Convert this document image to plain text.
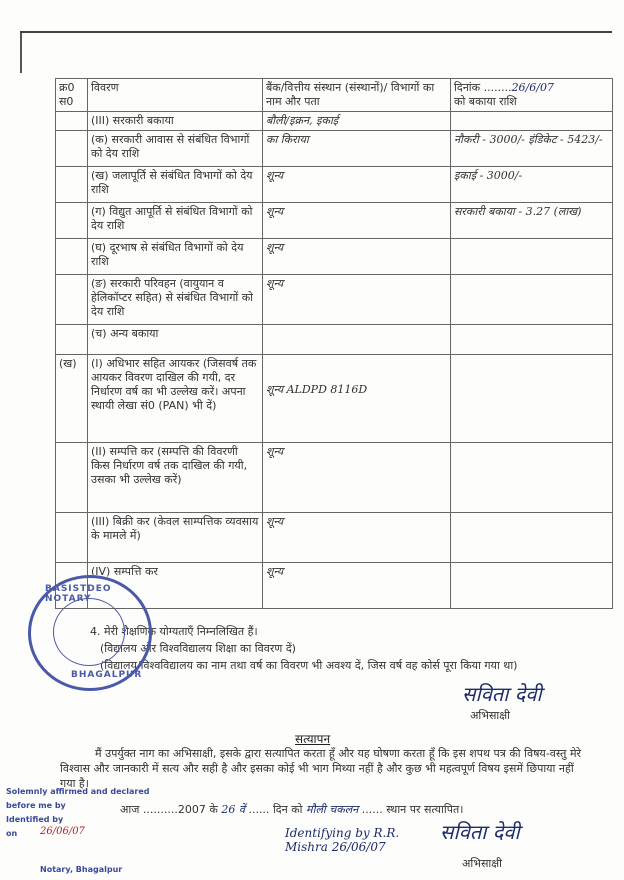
क्र0 स0	विवरण	बैंक/वित्तीय संस्थान (संस्थानों)/ विभागों का नाम और पता	दिनांक ........26/6/07
को बकाया राशि
	(III) सरकारी बकाया	बौली/इक्रन, इकाई	
	(क) सरकारी आवास से संबंधित विभागों को देय राशि	का किराया	नौकरी - 3000/- इंडिकेट - 5423/-
	(ख) जलापूर्ति से संबंधित विभागों को देय राशि	शून्य	इकाई - 3000/-
	(ग) विद्युत आपूर्ति से संबंधित विभागों को देय राशि	शून्य	सरकारी बकाया - 3.27 (लाख)
	(घ) दूरभाष से संबंधित विभागों को देय राशि	शून्य	
	(ङ) सरकारी परिवहन (वायुयान व हेलिकॉप्टर सहित) से संबंधित विभागों को देय राशि	शून्य	
	(च) अन्य बकाया		
(ख)	(I) अधिभार सहित आयकर (जिसवर्ष तक आयकर विवरण दाखिल की गयी, दर निर्धारण वर्ष का भी उल्लेख करें। अपना स्थायी लेखा सं0 (PAN) भी दें)	शून्य ALDPD 8116D	
	(II) सम्पत्ति कर (सम्पत्ति की विवरणी किस निर्धारण वर्ष तक दाखिल की गयी, उसका भी उल्लेख करें)	शून्य	
	(III) बिक्री कर (केवल साम्पत्तिक व्यवसाय के मामले में)	शून्य	
	(IV) सम्पत्ति कर	शून्य	
4. मेरी शैक्षणिक योग्यताएँ निम्नलिखित हैं।
(विद्यालय और विश्वविद्यालय शिक्षा का विवरण दें)
(विद्यालय/विश्वविद्यालय का नाम तथा वर्ष का विवरण भी अवश्य दें, जिस वर्ष वह कोर्स पूरा किया गया था)
सविता देवी
अभिसाक्षी
सत्यापन
मैं उपर्युक्त नाग का अभिसाक्षी, इसके द्वारा सत्यापित करता हूँ और यह घोषणा करता हूँ कि इस शपथ पत्र की विषय-वस्तु मेरे विश्वास और जानकारी में सत्य और सही है और इसका कोई भी भाग मिथ्या नहीं है और कुछ भी महत्वपूर्ण विषय इसमें छिपाया नहीं गया है।
आज ..........2007 के 26 वें ...... दिन को मौली चकलन ...... स्थान पर सत्यापित।
Identifying by R.R. Mishra 26/06/07
सविता देवी
अभिसाक्षी
BASISTDEO NOTARY
BHAGALPUR
Solemnly affirmed and declared
before me by
Identified by
on 26/06/07
Notary, Bhagalpur
